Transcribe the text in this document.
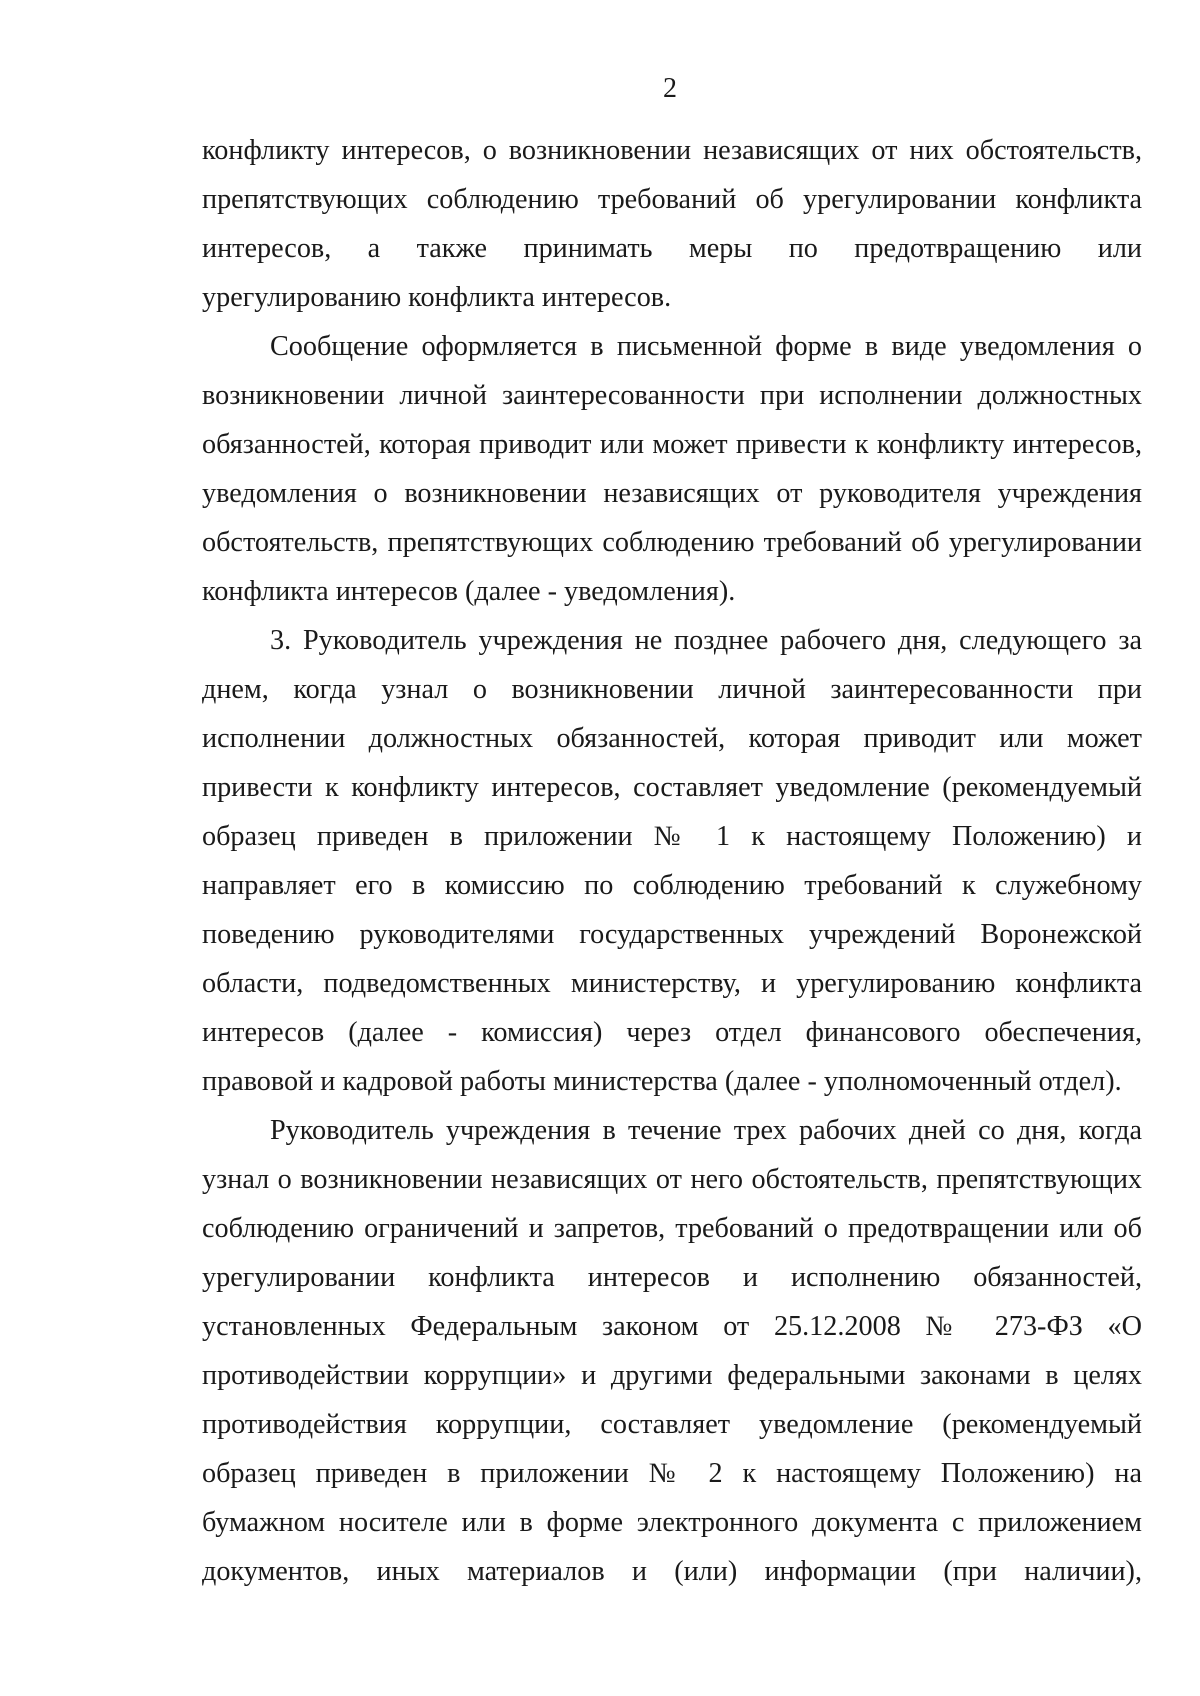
2
конфликту интересов, о возникновении независящих от них обстоятельств,
препятствующих соблюдению требований об урегулировании конфликта
интересов, а также принимать меры по предотвращению или
урегулированию конфликта интересов.
Сообщение оформляется в письменной форме в виде уведомления о
возникновении личной заинтересованности при исполнении должностных
обязанностей, которая приводит или может привести к конфликту интересов,
уведомления о возникновении независящих от руководителя учреждения
обстоятельств, препятствующих соблюдению требований об урегулировании
конфликта интересов (далее - уведомления).
3. Руководитель учреждения не позднее рабочего дня, следующего за
днем, когда узнал о возникновении личной заинтересованности при
исполнении должностных обязанностей, которая приводит или может
привести к конфликту интересов, составляет уведомление (рекомендуемый
образец приведен в приложении № 1 к настоящему Положению) и
направляет его в комиссию по соблюдению требований к служебному
поведению руководителями государственных учреждений Воронежской
области, подведомственных министерству, и урегулированию конфликта
интересов (далее - комиссия) через отдел финансового обеспечения,
правовой и кадровой работы министерства (далее - уполномоченный отдел).
Руководитель учреждения в течение трех рабочих дней со дня, когда
узнал о возникновении независящих от него обстоятельств, препятствующих
соблюдению ограничений и запретов, требований о предотвращении или об
урегулировании конфликта интересов и исполнению обязанностей,
установленных Федеральным законом от 25.12.2008 № 273-ФЗ «О
противодействии коррупции» и другими федеральными законами в целях
противодействия коррупции, составляет уведомление (рекомендуемый
образец приведен в приложении № 2 к настоящему Положению) на
бумажном носителе или в форме электронного документа с приложением
документов, иных материалов и (или) информации (при наличии),
